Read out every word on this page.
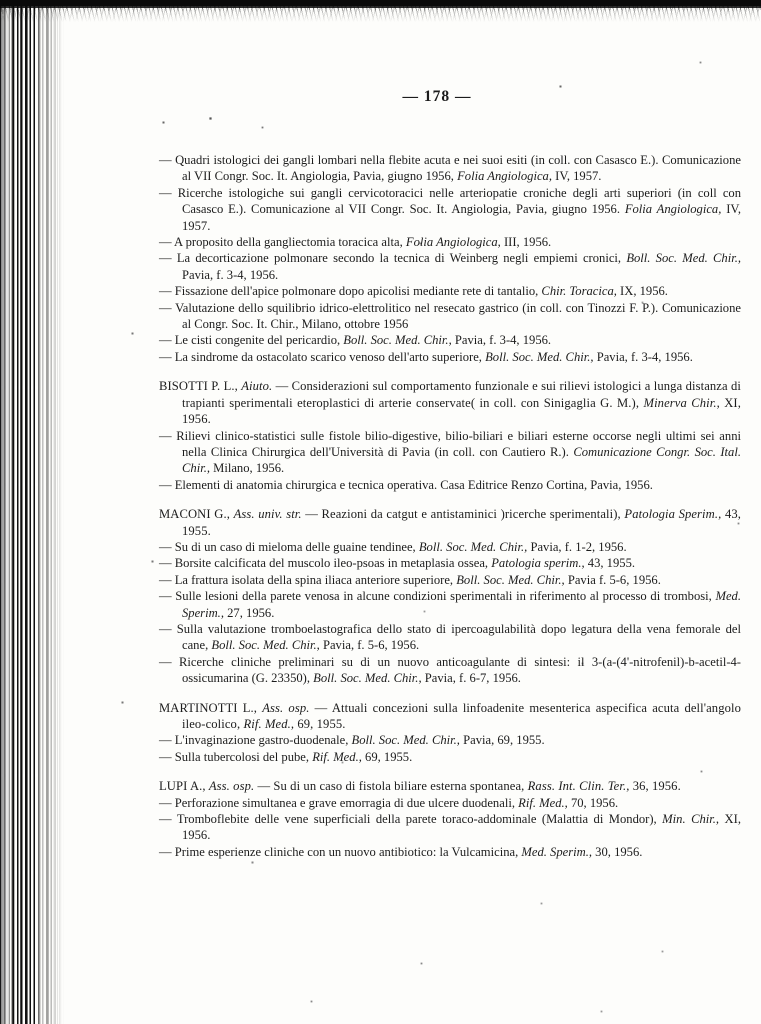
— 178 —

— Quadri istologici dei gangli lombari nella flebite acuta e nei suoi esiti (in coll. con Casasco E.). Comunicazione al VII Congr. Soc. It. Angiologia, Pavia, giugno 1956, Folia Angiologica, IV, 1957.

— Ricerche istologiche sui gangli cervicotoracici nelle arteriopatie croniche degli arti superiori (in coll con Casasco E.). Comunicazione al VII Congr. Soc. It. Angiologia, Pavia, giugno 1956. Folia Angiologica, IV, 1957.

— A proposito della gangliectomia toracica alta, Folia Angiologica, III, 1956.

— La decorticazione polmonare secondo la tecnica di Weinberg negli empiemi cronici, Boll. Soc. Med. Chir., Pavia, f. 3-4, 1956.

— Fissazione dell'apice polmonare dopo apicolisi mediante rete di tantalio, Chir. Toracica, IX, 1956.

— Valutazione dello squilibrio idrico-elettrolitico nel resecato gastrico (in coll. con Tinozzi F. P.). Comunicazione al Congr. Soc. It. Chir., Milano, ottobre 1956

— Le cisti congenite del pericardio, Boll. Soc. Med. Chir., Pavia, f. 3-4, 1956.

— La sindrome da ostacolato scarico venoso dell'arto superiore, Boll. Soc. Med. Chir., Pavia, f. 3-4, 1956.

BISOTTI P. L., Aiuto. — Considerazioni sul comportamento funzionale e sui rilievi istologici a lunga distanza di trapianti sperimentali eteroplastici di arterie conservate( in coll. con Sinigaglia G. M.), Minerva Chir., XI, 1956.

— Rilievi clinico-statistici sulle fistole bilio-digestive, bilio-biliari e biliari esterne occorse negli ultimi sei anni nella Clinica Chirurgica dell'Università di Pavia (in coll. con Cautiero R.). Comunicazione Congr. Soc. Ital. Chir., Milano, 1956.

— Elementi di anatomia chirurgica e tecnica operativa. Casa Editrice Renzo Cortina, Pavia, 1956.

MACONI G., Ass. univ. str. — Reazioni da catgut e antistaminici )ricerche sperimentali), Patologia Sperim., 43, 1955.

— Su di un caso di mieloma delle guaine tendinee, Boll. Soc. Med. Chir., Pavia, f. 1-2, 1956.

— Borsite calcificata del muscolo ileo-psoas in metaplasia ossea, Patologia sperim., 43, 1955.

— La frattura isolata della spina iliaca anteriore superiore, Boll. Soc. Med. Chir., Pavia f. 5-6, 1956.

— Sulle lesioni della parete venosa in alcune condizioni sperimentali in riferimento al processo di trombosi, Med. Sperim., 27, 1956.

— Sulla valutazione tromboelastografica dello stato di ipercoagulabilità dopo legatura della vena femorale del cane, Boll. Soc. Med. Chir., Pavia, f. 5-6, 1956.

— Ricerche cliniche preliminari su di un nuovo anticoagulante di sintesi: il 3-(a-(4'-nitrofenil)-b-acetil-4-ossicumarina (G. 23350), Boll. Soc. Med. Chir., Pavia, f. 6-7, 1956.

MARTINOTTI L., Ass. osp. — Attuali concezioni sulla linfoadenite mesenterica aspecifica acuta dell'angolo ileo-colico, Rif. Med., 69, 1955.

— L'invaginazione gastro-duodenale, Boll. Soc. Med. Chir., Pavia, 69, 1955.

— Sulla tubercolosi del pube, Rif. Med., 69, 1955.

LUPI A., Ass. osp. — Su di un caso di fistola biliare esterna spontanea, Rass. Int. Clin. Ter., 36, 1956.

— Perforazione simultanea e grave emorragia di due ulcere duodenali, Rif. Med., 70, 1956.

— Tromboflebite delle vene superficiali della parete toraco-addominale (Malattia di Mondor), Min. Chir., XI, 1956.

— Prime esperienze cliniche con un nuovo antibiotico: la Vulcamicina, Med. Sperim., 30, 1956.
